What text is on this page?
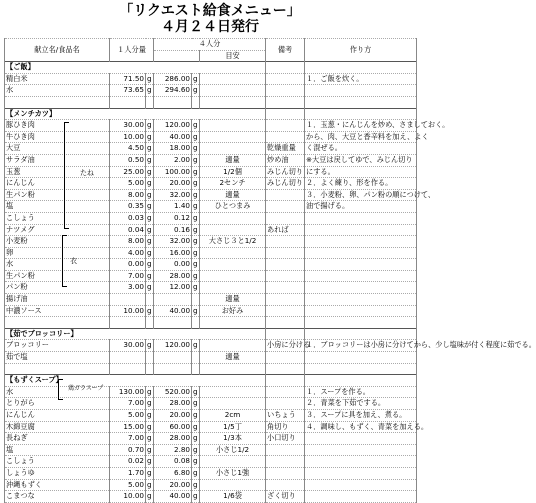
「リクエスト給食メニュー」
４月２４日発行
献立名/食品名	１人分量		４人分			備考	作り方
					目安		
【ご飯】							
精白米	71.50	g	286.00	g			１．ご飯を炊く。
水	73.65	g	294.60	g			

【メンチカツ】							
豚ひき肉	30.00	g	120.00	g			１．玉葱・にんじんを炒め、さましておく。
牛ひき肉	10.00	g	40.00	g			から、肉、大豆と香辛料を加え、よく
大豆	4.50	g	18.00	g		乾燥重量	く混ぜる。
サラダ油	0.50	g	2.00	g	適量	炒め油	※大豆は戻してゆで、みじん切り
玉葱	25.00	g	100.00	g	1/2個	みじん切り	にする。
にんじん	5.00	g	20.00	g	2センチ	みじん切り	２．よく練り、形を作る。
生パン粉	8.00	g	32.00	g	適量		３．小麦粉、卵、パン粉の順につけて、
塩	0.35	g	1.40	g	ひとつまみ		油で揚げる。
こしょう	0.03	g	0.12	g			
ナツメグ	0.04	g	0.16	g		あれば	
小麦粉	8.00	g	32.00	g	大さじ３と1/2		
卵	4.00	g	16.00	g			
水	0.00	g	0.00	g			
生パン粉	7.00	g	28.00	g			
パン粉	3.00	g	12.00	g			
揚げ油					適量		
中濃ソース	10.00	g	40.00	g	お好み		

【茹でブロッコリー】							
ブロッコリー	30.00	g	120.00	g		小房に分ける	１．ブロッコリーは小房に分けてから、少し塩味が付く程度に茹でる。
茹で塩					適量		

【もずくスープ】							
水	130.00	g	520.00	g			１．スープを作る。
とりがら	7.00	g	28.00	g			２．青菜を下茹でする。
にんじん	5.00	g	20.00	g	2cm	いちょう	３．スープに具を加え、煮る。
木綿豆腐	15.00	g	60.00	g	1/5丁	角切り	４．調味し、もずく、青菜を加える。
長ねぎ	7.00	g	28.00	g	1/3本	小口切り	
塩	0.70	g	2.80	g	小さじ1/2		
こしょう	0.02	g	0.08	g			
しょうゆ	1.70	g	6.80	g	小さじ1強		
沖縄もずく	5.00	g	20.00	g			
こまつな	10.00	g	40.00	g	1/6袋	ざく切り	
たね
衣
鶏ガラスープ
